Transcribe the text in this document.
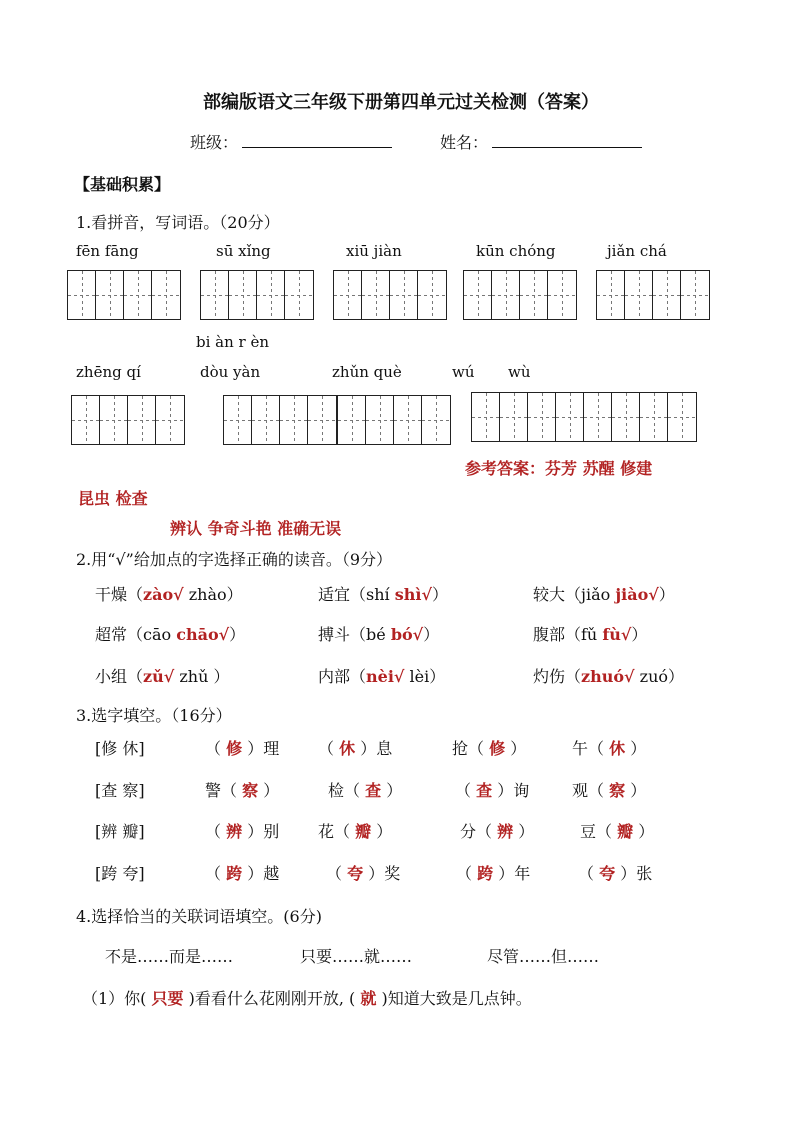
部编版语文三年级下册第四单元过关检测（答案）
班级：	姓名：
【基础积累】
1.看拼音，写词语。（20分）
fēn fāng	sū xǐng	xiū jiàn	kūn chóng	jiǎn chá
bi àn r èn
zhēng qí	dòu yàn	zhǔn què	wú wù
参考答案：芬芳 苏醒 修建
昆虫 检查
辨认 争奇斗艳 准确无误
2.用“√”给加点的字选择正确的读音。（9分）
干燥（zào√ zhào）	适宜（shí shì√）	较大（jiǎo jiào√）
超常（cāo chāo√）	搏斗（bé bó√）	腹部（fǔ fù√）
小组（zǔ√ zhǔ ）	内部（nèi√ lèi）	灼伤（zhuó√ zuó）
3.选字填空。（16分）
[修 休]	（ 修 ）理 （ 休 ）息	抢（ 修 ）	午（ 休 ）
[查 察]	警（ 察 ）	检（ 查 ）	（ 查 ）询	观（ 察 ）
[辨 瓣]	（ 辨 ）别 花（ 瓣 ）	分（ 辨 ）	豆（ 瓣 ）
[跨 夸]	（ 跨 ）越	（ 夸 ）奖	（ 跨 ）年	（ 夸 ）张
4.选择恰当的关联词语填空。(6分)
不是……而是……	只要……就……	尽管……但……
（1）你( 只要 )看看什么花刚刚开放, ( 就 )知道大致是几点钟。
